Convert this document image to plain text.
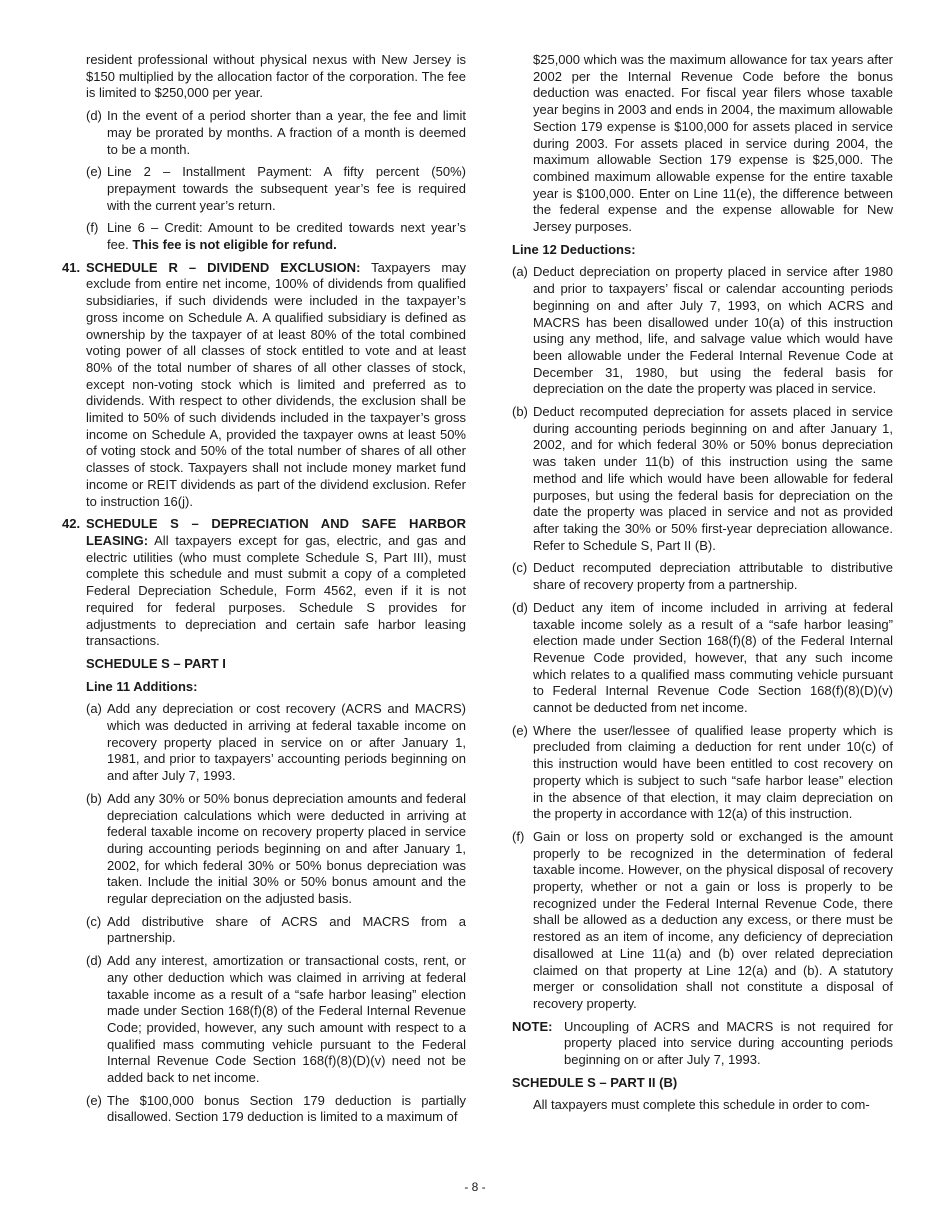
resident professional without physical nexus with New Jersey is $150 multiplied by the allocation factor of the corporation. The fee is limited to $250,000 per year.

(d) In the event of a period shorter than a year, the fee and limit may be prorated by months. A fraction of a month is deemed to be a month.
(e) Line 2 – Installment Payment: A fifty percent (50%) prepayment towards the subsequent year’s fee is required with the current year’s return.
(f) Line 6 – Credit: Amount to be credited towards next year’s fee. This fee is not eligible for refund.
41. SCHEDULE R – DIVIDEND EXCLUSION: Taxpayers may exclude from entire net income, 100% of dividends from qualified subsidiaries, if such dividends were included in the taxpayer’s gross income on Schedule A. A qualified subsidiary is defined as ownership by the taxpayer of at least 80% of the total combined voting power of all classes of stock entitled to vote and at least 80% of the total number of shares of all other classes of stock, except non-voting stock which is limited and preferred as to dividends. With respect to other dividends, the exclusion shall be limited to 50% of such dividends included in the taxpayer’s gross income on Schedule A, provided the taxpayer owns at least 50% of voting stock and 50% of the total number of shares of all other classes of stock. Taxpayers shall not include money market fund income or REIT dividends as part of the dividend exclusion. Refer to instruction 16(j).
42. SCHEDULE S – DEPRECIATION AND SAFE HARBOR LEASING: All taxpayers except for gas, electric, and gas and electric utilities (who must complete Schedule S, Part III), must complete this schedule and must submit a copy of a completed Federal Depreciation Schedule, Form 4562, even if it is not required for federal purposes. Schedule S provides for adjustments to depreciation and certain safe harbor leasing transactions.
SCHEDULE S – PART I
Line 11 Additions:
(a) Add any depreciation or cost recovery (ACRS and MACRS) which was deducted in arriving at federal taxable income on recovery property placed in service on or after January 1, 1981, and prior to taxpayers’ accounting periods beginning on and after July 7, 1993.
(b) Add any 30% or 50% bonus depreciation amounts and federal depreciation calculations which were deducted in arriving at federal taxable income on recovery property placed in service during accounting periods beginning on and after January 1, 2002, for which federal 30% or 50% bonus depreciation was taken. Include the initial 30% or 50% bonus amount and the regular depreciation on the adjusted basis.
(c) Add distributive share of ACRS and MACRS from a partnership.
(d) Add any interest, amortization or transactional costs, rent, or any other deduction which was claimed in arriving at federal taxable income as a result of a “safe harbor leasing” election made under Section 168(f)(8) of the Federal Internal Revenue Code; provided, however, any such amount with respect to a qualified mass commuting vehicle pursuant to the Federal Internal Revenue Code Section 168(f)(8)(D)(v) need not be added back to net income.
(e) The $100,000 bonus Section 179 deduction is partially disallowed. Section 179 deduction is limited to a maximum of

$25,000 which was the maximum allowance for tax years after 2002 per the Internal Revenue Code before the bonus deduction was enacted. For fiscal year filers whose taxable year begins in 2003 and ends in 2004, the maximum allowable Section 179 expense is $100,000 for assets placed in service during 2003. For assets placed in service during 2004, the maximum allowable Section 179 expense is $25,000. The combined maximum allowable expense for the entire taxable year is $100,000. Enter on Line 11(e), the difference between the federal expense and the expense allowable for New Jersey purposes.

Line 12 Deductions:
(a) Deduct depreciation on property placed in service after 1980 and prior to taxpayers’ fiscal or calendar accounting periods beginning on and after July 7, 1993, on which ACRS and MACRS has been disallowed under 10(a) of this instruction using any method, life, and salvage value which would have been allowable under the Federal Internal Revenue Code at December 31, 1980, but using the federal basis for depreciation on the date the property was placed in service.
(b) Deduct recomputed depreciation for assets placed in service during accounting periods beginning on and after January 1, 2002, and for which federal 30% or 50% bonus depreciation was taken under 11(b) of this instruction using the same method and life which would have been allowable for federal purposes, but using the federal basis for depreciation on the date the property was placed in service and not as provided after taking the 30% or 50% first-year depreciation allowance. Refer to Schedule S, Part II (B).
(c) Deduct recomputed depreciation attributable to distributive share of recovery property from a partnership.
(d) Deduct any item of income included in arriving at federal taxable income solely as a result of a “safe harbor leasing” election made under Section 168(f)(8) of the Federal Internal Revenue Code provided, however, that any such income which relates to a qualified mass commuting vehicle pursuant to Federal Internal Revenue Code Section 168(f)(8)(D)(v) cannot be deducted from net income.
(e) Where the user/lessee of qualified lease property which is precluded from claiming a deduction for rent under 10(c) of this instruction would have been entitled to cost recovery on property which is subject to such “safe harbor lease” election in the absence of that election, it may claim depreciation on the property in accordance with 12(a) of this instruction.
(f) Gain or loss on property sold or exchanged is the amount properly to be recognized in the determination of federal taxable income. However, on the physical disposal of recovery property, whether or not a gain or loss is properly to be recognized under the Federal Internal Revenue Code, there shall be allowed as a deduction any excess, or there must be restored as an item of income, any deficiency of depreciation disallowed at Line 11(a) and (b) over related depreciation claimed on that property at Line 12(a) and (b). A statutory merger or consolidation shall not constitute a disposal of recovery property.
NOTE: Uncoupling of ACRS and MACRS is not required for property placed into service during accounting periods beginning on or after July 7, 1993.
SCHEDULE S – PART II (B)

All taxpayers must complete this schedule in order to com-

- 8 -
